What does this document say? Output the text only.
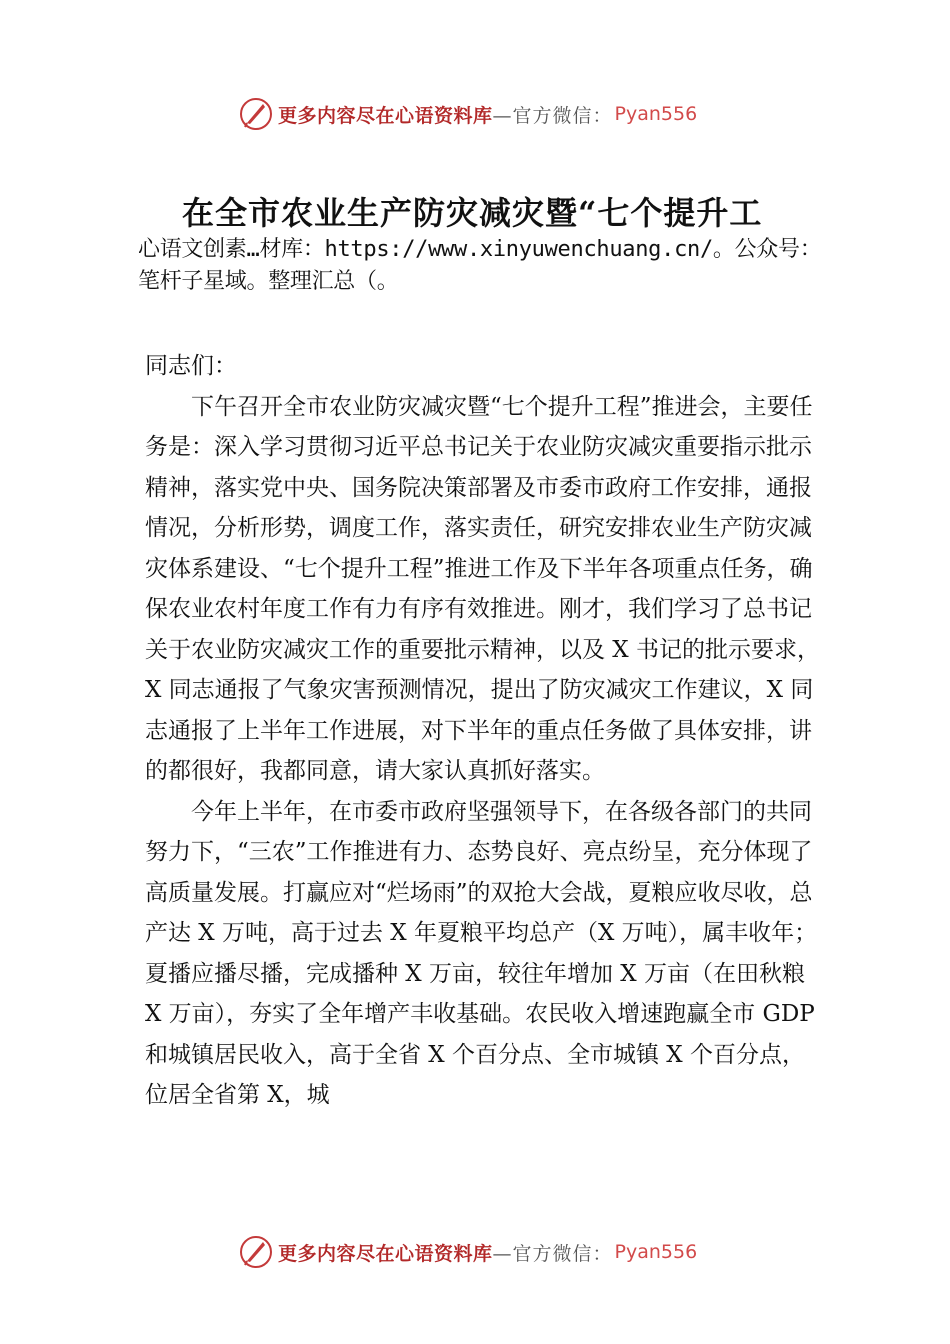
更多内容尽在心语资料库 —官方微信： Pyan556
在全市农业生产防灾减灾暨“七个提升工

心语文创素…材库：https://www.xinyuwenchuang.cn/。公众号：笔杆子星域。整理汇总（。

同志们：

下午召开全市农业防灾减灾暨“七个提升工程”推进会，主要任务是：深入学习贯彻习近平总书记关于农业防灾减灾重要指示批示精神，落实党中央、国务院决策部署及市委市政府工作安排，通报情况，分析形势，调度工作，落实责任，研究安排农业生产防灾减灾体系建设、“七个提升工程”推进工作及下半年各项重点任务，确保农业农村年度工作有力有序有效推进。刚才，我们学习了总书记关于农业防灾减灾工作的重要批示精神，以及 X 书记的批示要求，X 同志通报了气象灾害预测情况，提出了防灾减灾工作建议，X 同志通报了上半年工作进展，对下半年的重点任务做了具体安排，讲的都很好，我都同意，请大家认真抓好落实。

今年上半年，在市委市政府坚强领导下，在各级各部门的共同努力下，“三农”工作推进有力、态势良好、亮点纷呈，充分体现了高质量发展。打赢应对“烂场雨”的双抢大会战，夏粮应收尽收，总产达 X 万吨，高于过去 X 年夏粮平均总产（X 万吨），属丰收年；夏播应播尽播，完成播种 X 万亩，较往年增加 X 万亩（在田秋粮 X 万亩），夯实了全年增产丰收基础。农民收入增速跑赢全市 GDP 和城镇居民收入，高于全省 X 个百分点、全市城镇 X 个百分点，位居全省第 X，城

更多内容尽在心语资料库 —官方微信： Pyan556
